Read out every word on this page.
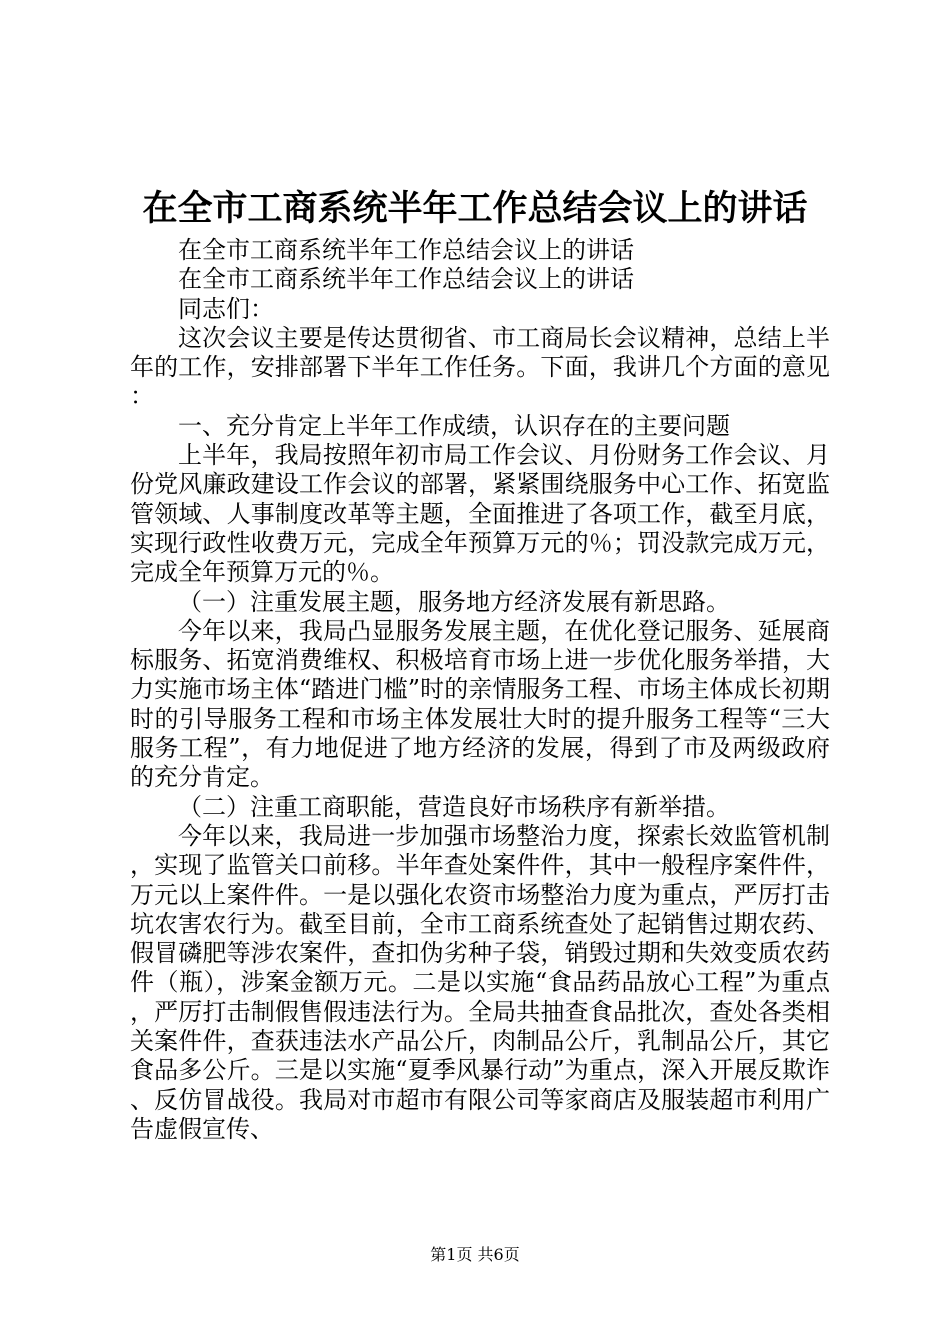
在全市工商系统半年工作总结会议上的讲话

在全市工商系统半年工作总结会议上的讲话

在全市工商系统半年工作总结会议上的讲话

同志们：

这次会议主要是传达贯彻省、市工商局长会议精神，总结上半年的工作，安排部署下半年工作任务。下面，我讲几个方面的意见：

一、充分肯定上半年工作成绩，认识存在的主要问题

上半年，我局按照年初市局工作会议、月份财务工作会议、月份党风廉政建设工作会议的部署，紧紧围绕服务中心工作、拓宽监管领域、人事制度改革等主题，全面推进了各项工作，截至月底，实现行政性收费万元，完成全年预算万元的％；罚没款完成万元，完成全年预算万元的％。

（一）注重发展主题，服务地方经济发展有新思路。

今年以来，我局凸显服务发展主题，在优化登记服务、延展商标服务、拓宽消费维权、积极培育市场上进一步优化服务举措，大力实施市场主体“踏进门槛”时的亲情服务工程、市场主体成长初期时的引导服务工程和市场主体发展壮大时的提升服务工程等“三大服务工程”，有力地促进了地方经济的发展，得到了市及两级政府的充分肯定。

（二）注重工商职能，营造良好市场秩序有新举措。

今年以来，我局进一步加强市场整治力度，探索长效监管机制，实现了监管关口前移。半年查处案件件，其中一般程序案件件，万元以上案件件。一是以强化农资市场整治力度为重点，严厉打击坑农害农行为。截至目前，全市工商系统查处了起销售过期农药、假冒磷肥等涉农案件，查扣伪劣种子袋，销毁过期和失效变质农药件（瓶），涉案金额万元。二是以实施“食品药品放心工程”为重点，严厉打击制假售假违法行为。全局共抽查食品批次，查处各类相关案件件，查获违法水产品公斤，肉制品公斤，乳制品公斤，其它食品多公斤。三是以实施“夏季风暴行动”为重点，深入开展反欺诈、反仿冒战役。我局对市超市有限公司等家商店及服装超市利用广告虚假宣传、

第1页 共6页
